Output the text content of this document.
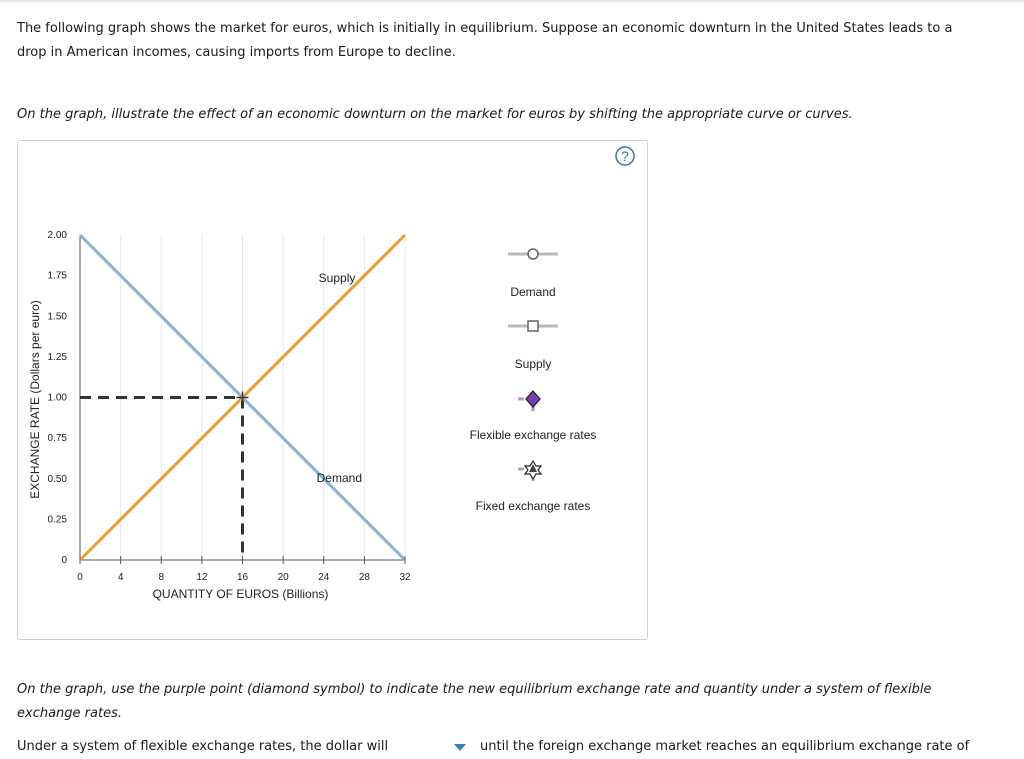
The following graph shows the market for euros, which is initially in equilibrium. Suppose an economic downturn in the United States leads to a drop in American incomes, causing imports from Europe to decline.
On the graph, illustrate the effect of an economic downturn on the market for euros by shifting the appropriate curve or curves.
?
0	4	8	12	16	20	24	28	32
0
0.25
0.50
0.75
1.00
1.25
1.50
1.75
2.00
QUANTITY OF EUROS (Billions)
EXCHANGE RATE (Dollars per euro)
Supply
Demand
Demand
Supply
Flexible exchange rates
Fixed exchange rates
On the graph, use the purple point (diamond symbol) to indicate the new equilibrium exchange rate and quantity under a system of flexible exchange rates.
Under a system of flexible exchange rates, the dollar will	until the foreign exchange market reaches an equilibrium exchange rate of
